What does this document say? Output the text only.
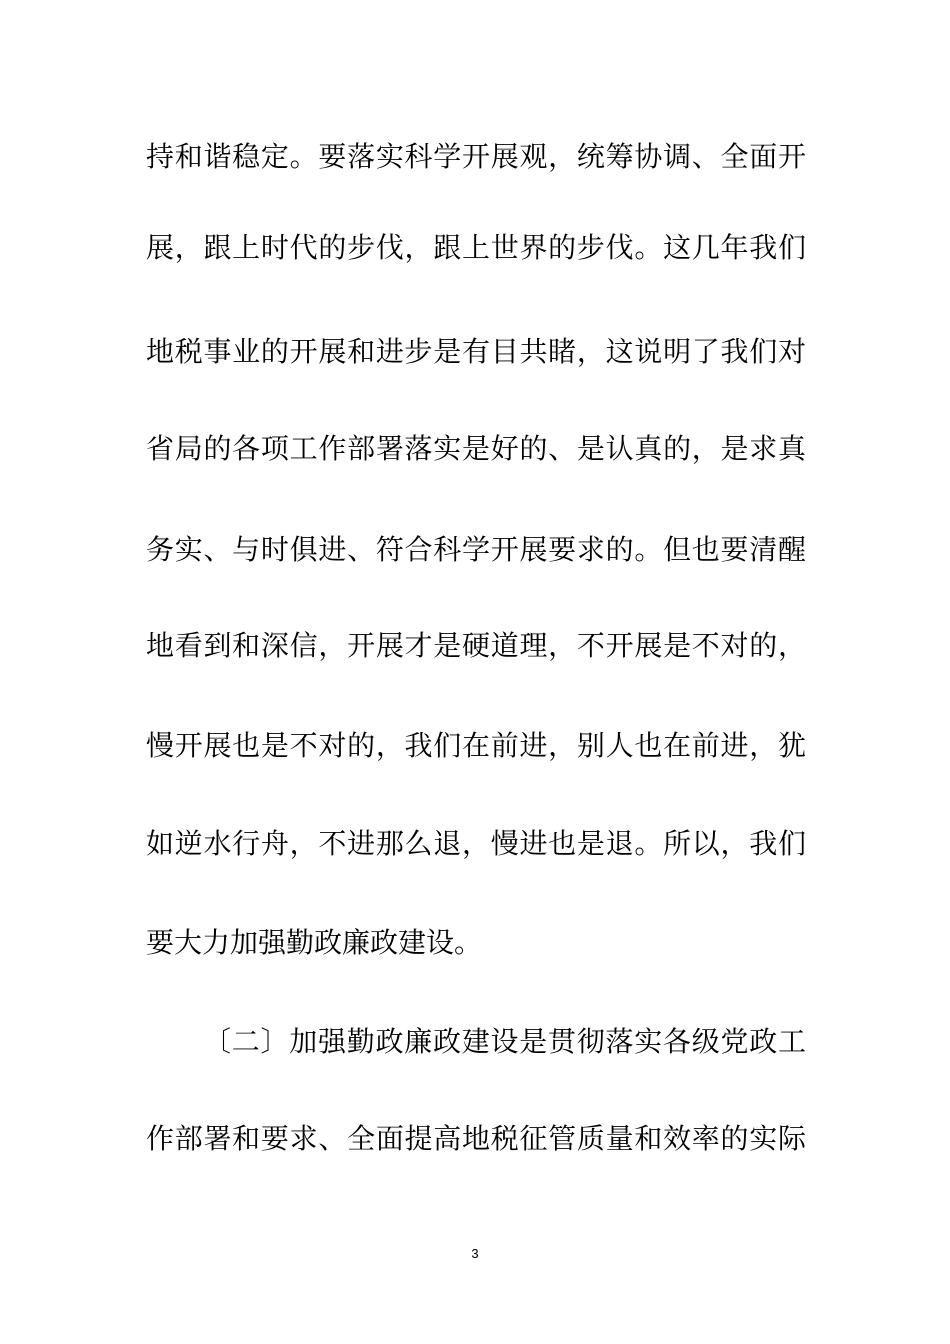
持和谐稳定。要落实科学开展观，统筹协调、全面开
展，跟上时代的步伐，跟上世界的步伐。这几年我们
地税事业的开展和进步是有目共睹，这说明了我们对
省局的各项工作部署落实是好的、是认真的，是求真
务实、与时俱进、符合科学开展要求的。但也要清醒
地看到和深信，开展才是硬道理，不开展是不对的，
慢开展也是不对的，我们在前进，别人也在前进，犹
如逆水行舟，不进那么退，慢进也是退。所以，我们
要大力加强勤政廉政建设。
〔二〕加强勤政廉政建设是贯彻落实各级党政工
作部署和要求、全面提高地税征管质量和效率的实际
3
